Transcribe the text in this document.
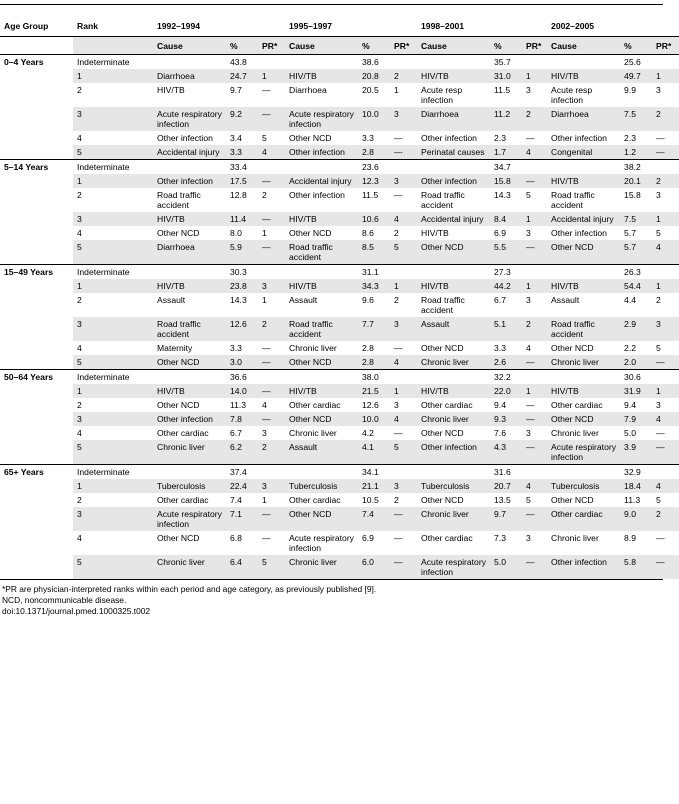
Age Group	Rank	1992–1994			1995–1997			1998–2001			2002–2005		
		Cause	%	PR*	Cause	%	PR*	Cause	%	PR*	Cause	%	PR*
0–4 Years	Indeterminate		43.8			38.6			35.7			25.6	
	1	Diarrhoea	24.7	1	HIV/TB	20.8	2	HIV/TB	31.0	1	HIV/TB	49.7	1
	2	HIV/TB	9.7	—	Diarrhoea	20.5	1	Acute resp infection	11.5	3	Acute resp infection	9.9	3
	3	Acute respiratory infection	9.2	—	Acute respiratory infection	10.0	3	Diarrhoea	11.2	2	Diarrhoea	7.5	2
	4	Other infection	3.4	5	Other NCD	3.3	—	Other infection	2.3	—	Other infection	2.3	—
	5	Accidental injury	3.3	4	Other infection	2.8	—	Perinatal causes	1.7	4	Congenital	1.2	—
5–14 Years	Indeterminate		33.4			23.6			34.7			38.2	
	1	Other infection	17.5	—	Accidental injury	12.3	3	Other infection	15.8	—	HIV/TB	20.1	2
	2	Road traffic accident	12.8	2	Other infection	11.5	—	Road traffic accident	14.3	5	Road traffic accident	15.8	3
	3	HIV/TB	11.4	—	HIV/TB	10.6	4	Accidental injury	8.4	1	Accidental injury	7.5	1
	4	Other NCD	8.0	1	Other NCD	8.6	2	HIV/TB	6.9	3	Other infection	5.7	5
	5	Diarrhoea	5.9	—	Road traffic accident	8.5	5	Other NCD	5.5	—	Other NCD	5.7	4
15–49 Years	Indeterminate		30.3			31.1			27.3			26.3	
	1	HIV/TB	23.8	3	HIV/TB	34.3	1	HIV/TB	44.2	1	HIV/TB	54.4	1
	2	Assault	14.3	1	Assault	9.6	2	Road traffic accident	6.7	3	Assault	4.4	2
	3	Road traffic accident	12.6	2	Road traffic accident	7.7	3	Assault	5.1	2	Road traffic accident	2.9	3
	4	Maternity	3.3	—	Chronic liver	2.8	—	Other NCD	3.3	4	Other NCD	2.2	5
	5	Other NCD	3.0	—	Other NCD	2.8	4	Chronic liver	2.6	—	Chronic liver	2.0	—
50–64 Years	Indeterminate		36.6			38.0			32.2			30.6	
	1	HIV/TB	14.0	—	HIV/TB	21.5	1	HIV/TB	22.0	1	HIV/TB	31.9	1
	2	Other NCD	11.3	4	Other cardiac	12.6	3	Other cardiac	9.4	—	Other cardiac	9.4	3
	3	Other infection	7.8	—	Other NCD	10.0	4	Chronic liver	9.3	—	Other NCD	7.9	4
	4	Other cardiac	6.7	3	Chronic liver	4.2	—	Other NCD	7.6	3	Chronic liver	5.0	—
	5	Chronic liver	6.2	2	Assault	4.1	5	Other infection	4.3	—	Acute respiratory infection	3.9	—
65+ Years	Indeterminate		37.4			34.1			31.6			32.9	
	1	Tuberculosis	22.4	3	Tuberculosis	21.1	3	Tuberculosis	20.7	4	Tuberculosis	18.4	4
	2	Other cardiac	7.4	1	Other cardiac	10.5	2	Other NCD	13.5	5	Other NCD	11.3	5
	3	Acute respiratory infection	7.1	—	Other NCD	7.4	—	Chronic liver	9.7	—	Other cardiac	9.0	2
	4	Other NCD	6.8	—	Acute respiratory infection	6.9	—	Other cardiac	7.3	3	Chronic liver	8.9	—
	5	Chronic liver	6.4	5	Chronic liver	6.0	—	Acute respiratory infection	5.0	—	Other infection	5.8	—
*PR are physician-interpreted ranks within each period and age category, as previously published [9].
NCD, noncommunicable disease.
doi:10.1371/journal.pmed.1000325.t002
